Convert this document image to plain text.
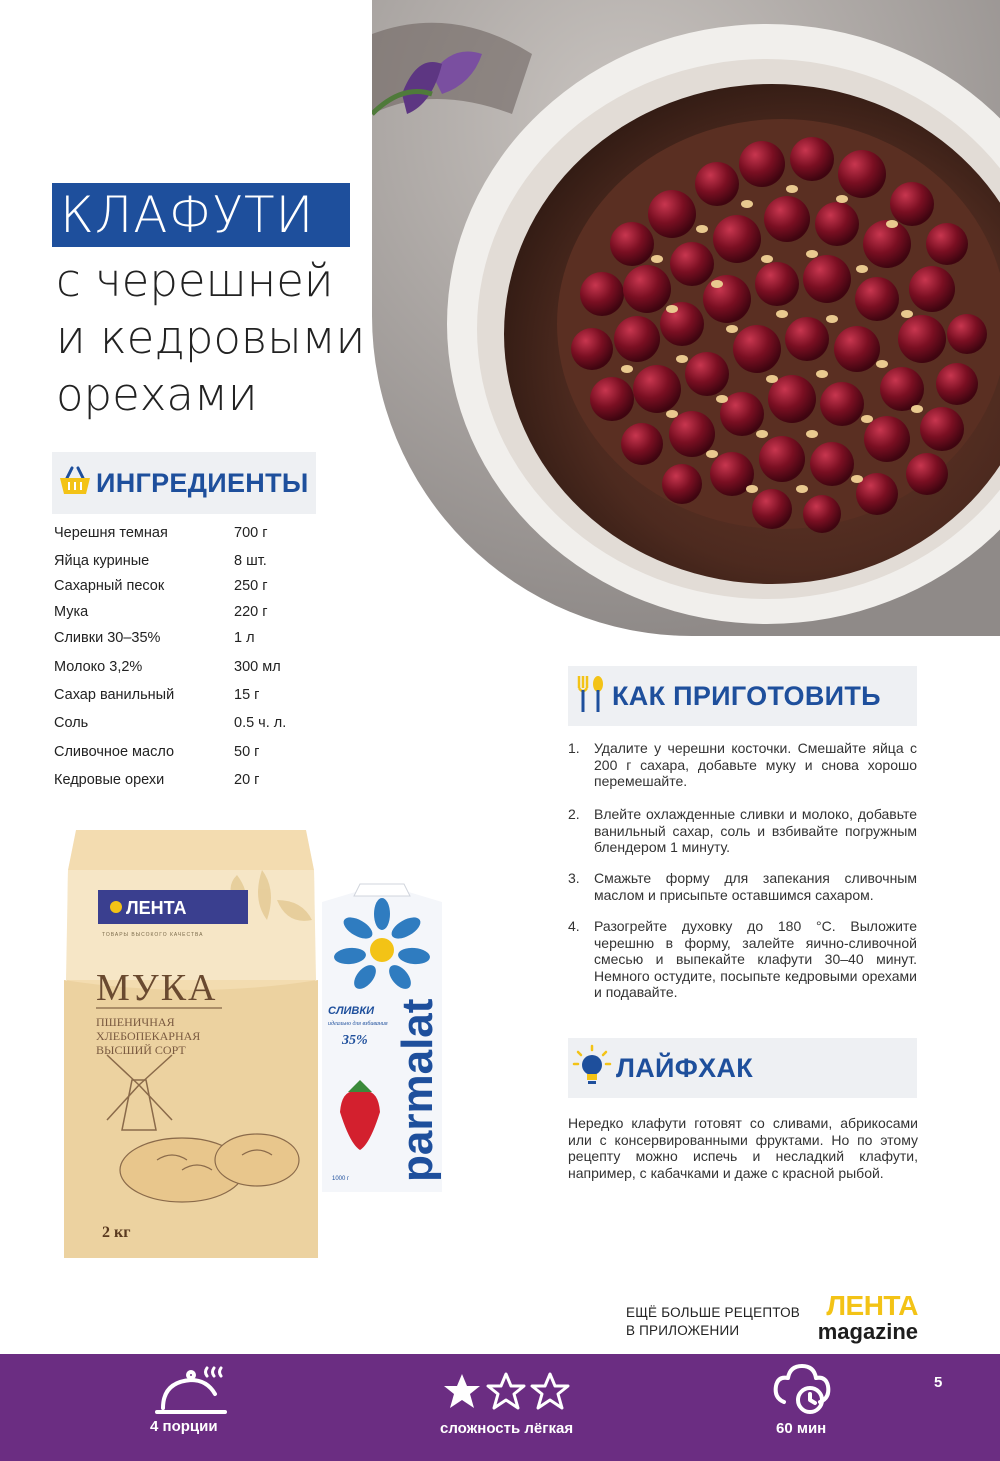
КЛАФУТИ
с черешней
и кедровыми
орехами
ИНГРЕДИЕНТЫ
Черешня темная	700 г
Яйца куриные	8 шт.
Сахарный песок	250 г
Мука	220 г
Сливки 30–35%	1 л
Молоко 3,2%	300 мл
Сахар ванильный	15 г
Соль	0.5 ч. л.
Сливочное масло	50 г
Кедровые орехи	20 г
ЛЕНТА
ТОВАРЫ ВЫСОКОГО КАЧЕСТВА
МУКА
ПШЕНИЧНАЯ
ХЛЕБОПЕКАРНАЯ
ВЫСШИЙ СОРТ
2 кг
СЛИВКИ
идеально для взбивания
35% parmalat
1000 г
КАК ПРИГОТОВИТЬ
1. Удалите у черешни косточки. Смешайте яйца с 200 г сахара, добавьте муку и снова хорошо перемешайте.
2. Влейте охлажденные сливки и молоко, добавьте ванильный сахар, соль и взбивайте погружным блендером 1 минуту.
3. Смажьте форму для запекания сливочным маслом и присыпьте оставшимся сахаром.
4. Разогрейте духовку до 180 °C. Выложите черешню в форму, залейте яично-сливочной смесью и выпекайте клафути 30–40 минут. Немного остудите, посыпьте кедровыми орехами и подавайте.
ЛАЙФХАК
Нередко клафути готовят со сливами, абрикосами или с консервированными фруктами. Но по этому рецепту можно испечь и несладкий клафути, например, с кабачками и даже с красной рыбой.
ЕЩЁ БОЛЬШЕ РЕЦЕПТОВ
В ПРИЛОЖЕНИИ
ЛЕНТА
magazine
4 порции	сложность лёгкая	60 мин
5
